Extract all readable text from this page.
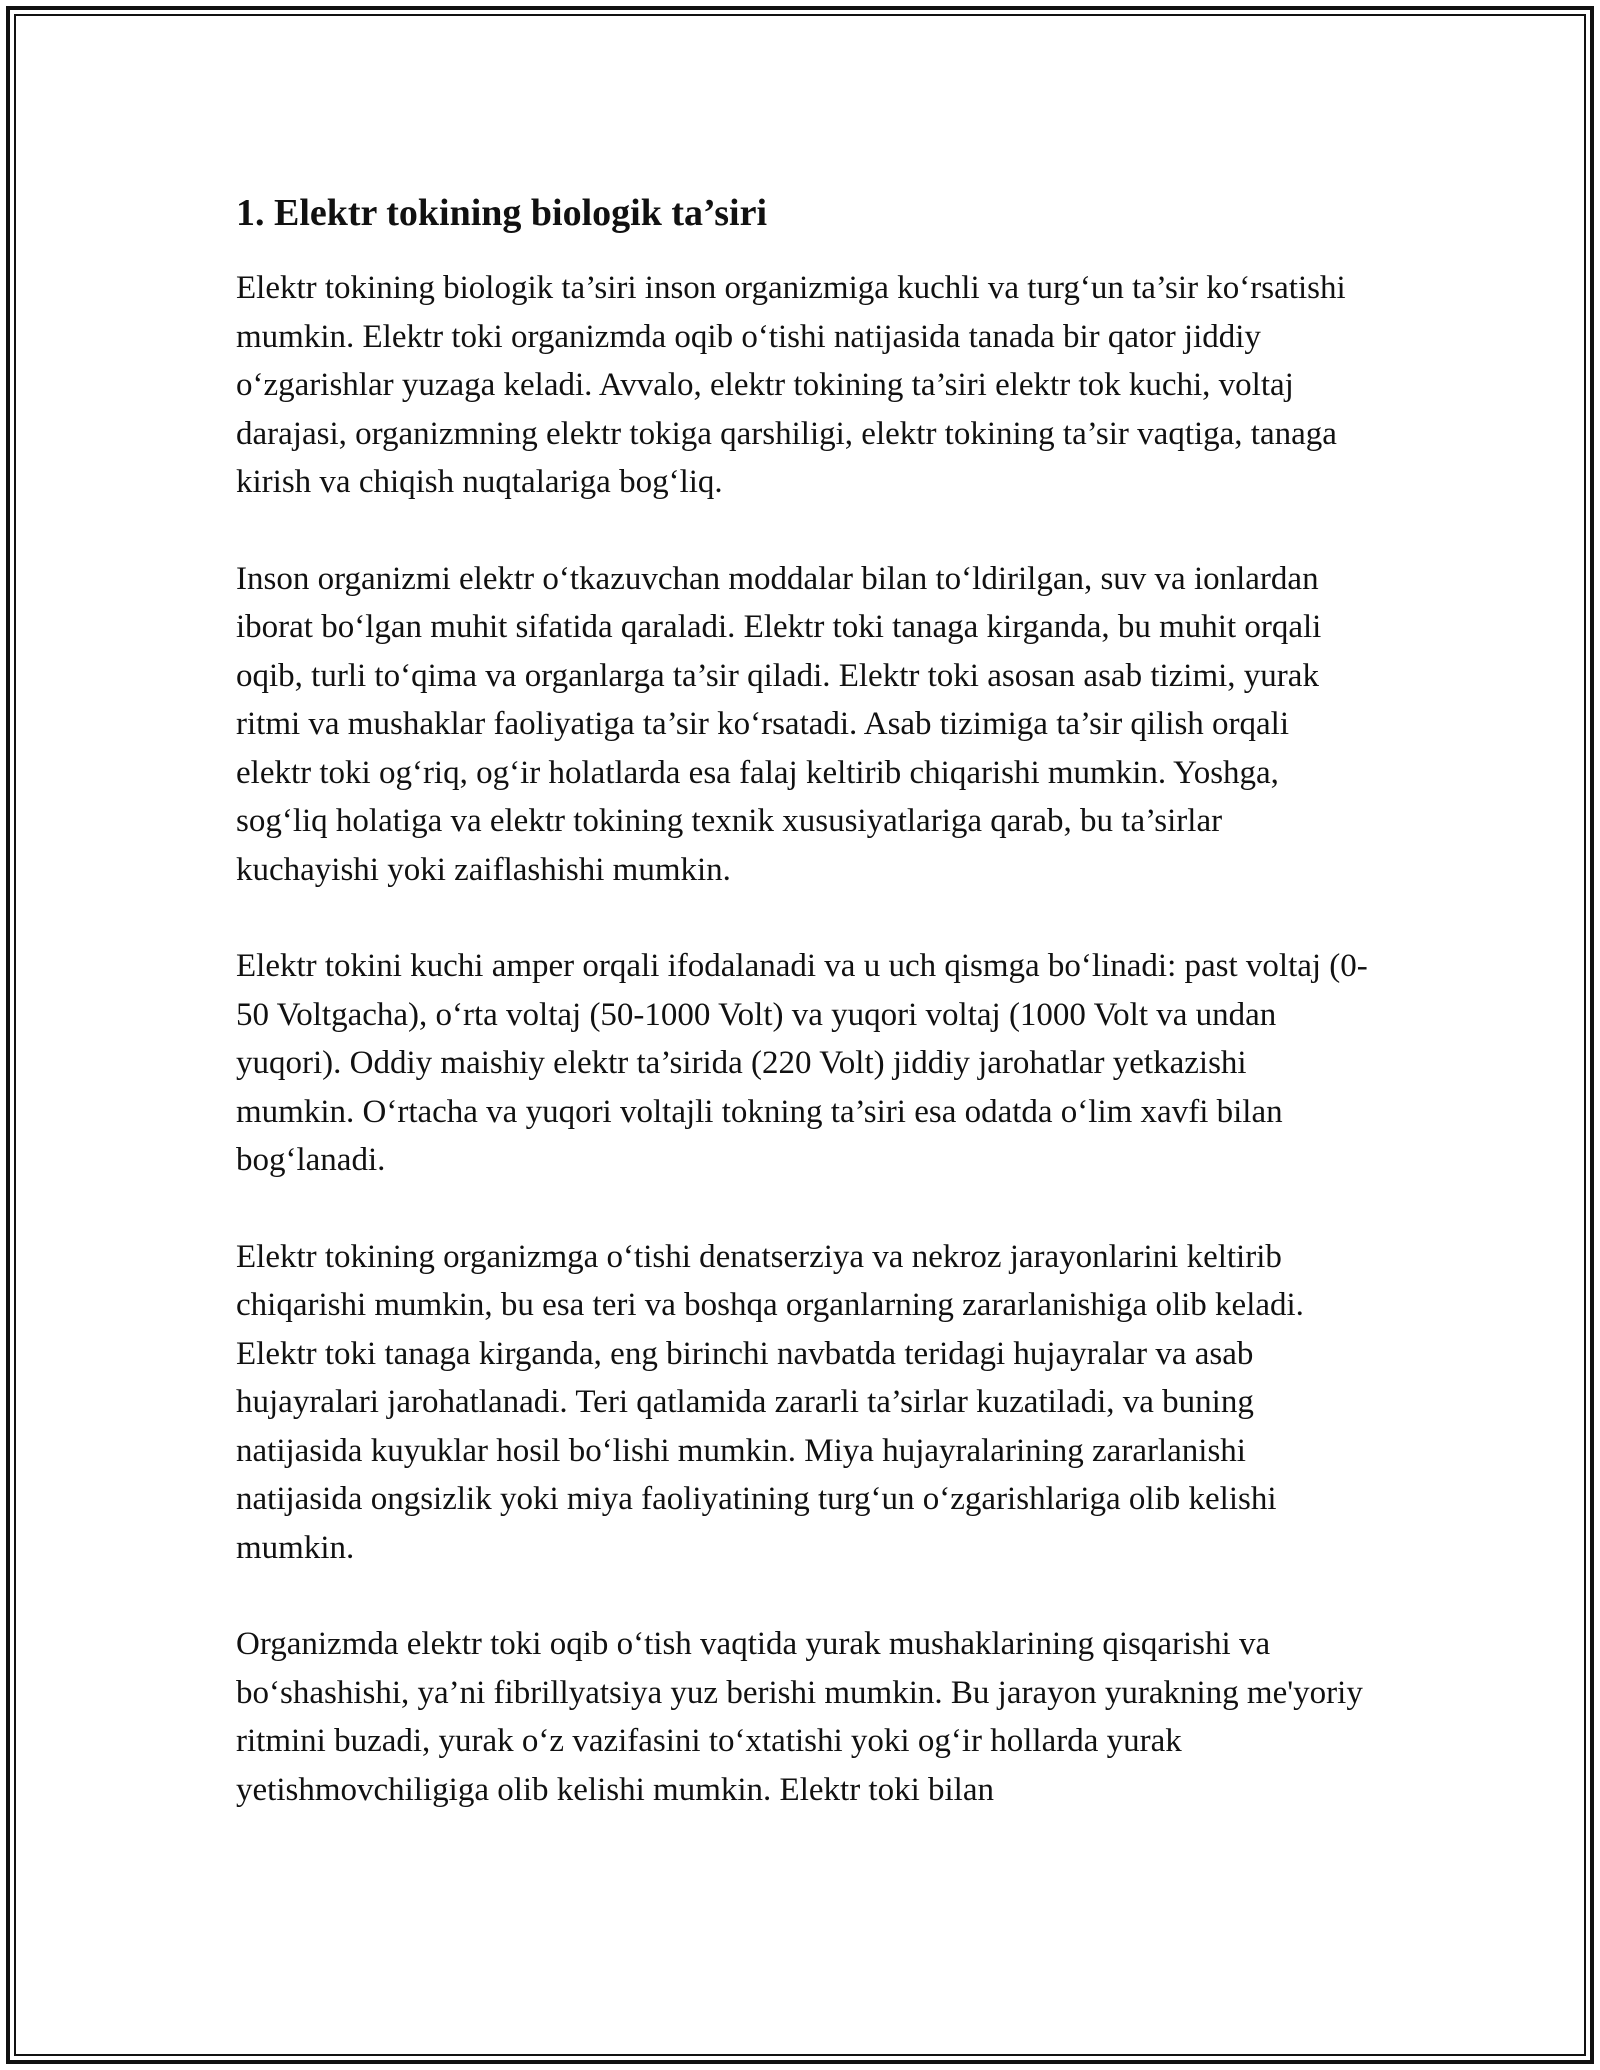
1. Elektr tokining biologik ta’siri

Elektr tokining biologik ta’siri inson organizmiga kuchli va turg‘un ta’sir ko‘rsatishi mumkin. Elektr toki organizmda oqib o‘tishi natijasida tanada bir qator jiddiy o‘zgarishlar yuzaga keladi. Avvalo, elektr tokining ta’siri elektr tok kuchi, voltaj darajasi, organizmning elektr tokiga qarshiligi, elektr tokining ta’sir vaqtiga, tanaga kirish va chiqish nuqtalariga bog‘liq.

Inson organizmi elektr o‘tkazuvchan moddalar bilan to‘ldirilgan, suv va ionlardan iborat bo‘lgan muhit sifatida qaraladi. Elektr toki tanaga kirganda, bu muhit orqali oqib, turli to‘qima va organlarga ta’sir qiladi. Elektr toki asosan asab tizimi, yurak ritmi va mushaklar faoliyatiga ta’sir ko‘rsatadi. Asab tizimiga ta’sir qilish orqali elektr toki og‘riq, og‘ir holatlarda esa falaj keltirib chiqarishi mumkin. Yoshga, sog‘liq holatiga va elektr tokining texnik xususiyatlariga qarab, bu ta’sirlar kuchayishi yoki zaiflashishi mumkin.

Elektr tokini kuchi amper orqali ifodalanadi va u uch qismga bo‘linadi: past voltaj (0-50 Voltgacha), o‘rta voltaj (50-1000 Volt) va yuqori voltaj (1000 Volt va undan yuqori). Oddiy maishiy elektr ta’sirida (220 Volt) jiddiy jarohatlar yetkazishi mumkin. O‘rtacha va yuqori voltajli tokning ta’siri esa odatda o‘lim xavfi bilan bog‘lanadi.

Elektr tokining organizmga o‘tishi denatserziya va nekroz jarayonlarini keltirib chiqarishi mumkin, bu esa teri va boshqa organlarning zararlanishiga olib keladi. Elektr toki tanaga kirganda, eng birinchi navbatda teridagi hujayralar va asab hujayralari jarohatlanadi. Teri qatlamida zararli ta’sirlar kuzatiladi, va buning natijasida kuyuklar hosil bo‘lishi mumkin. Miya hujayralarining zararlanishi natijasida ongsizlik yoki miya faoliyatining turg‘un o‘zgarishlariga olib kelishi mumkin.

Organizmda elektr toki oqib o‘tish vaqtida yurak mushaklarining qisqarishi va bo‘shashishi, ya’ni fibrillyatsiya yuz berishi mumkin. Bu jarayon yurakning me'yoriy ritmini buzadi, yurak o‘z vazifasini to‘xtatishi yoki og‘ir hollarda yurak yetishmovchiligiga olib kelishi mumkin. Elektr toki bilan
